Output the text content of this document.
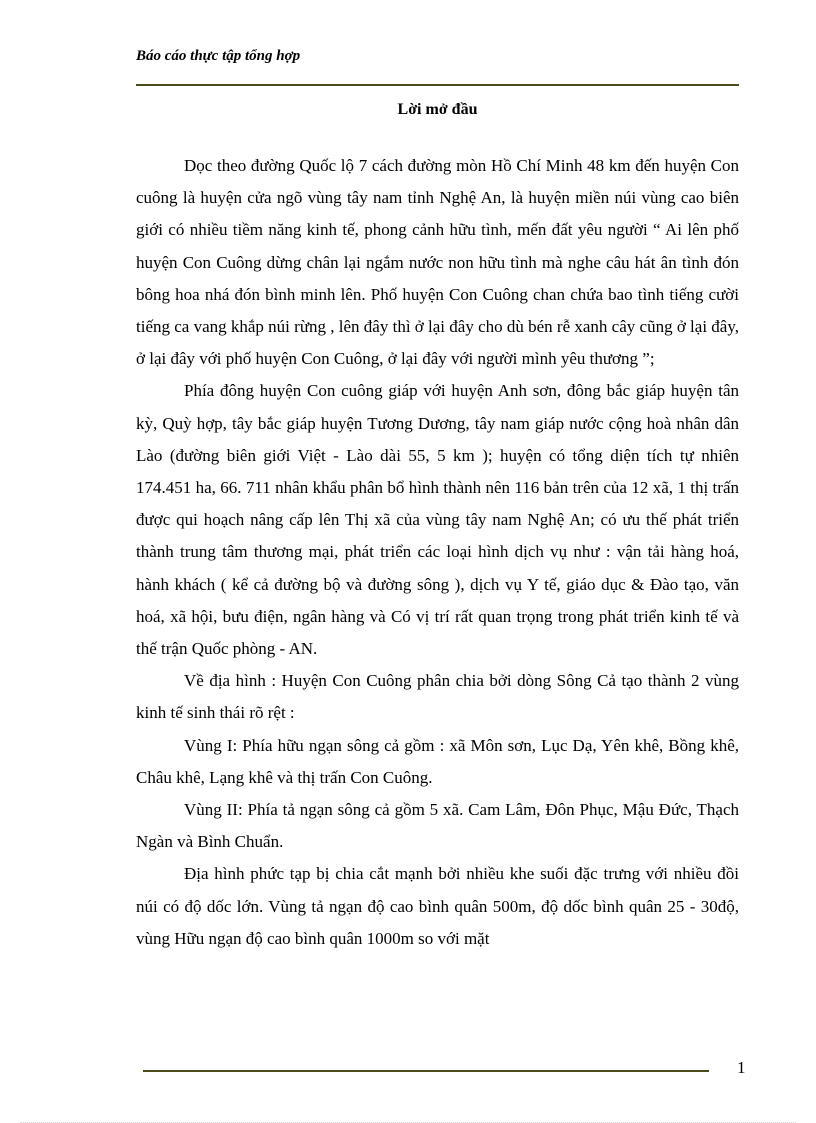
Báo cáo thực tập tổng hợp
Lời mở đầu

Dọc theo đường Quốc lộ 7 cách đường mòn Hồ Chí Minh 48 km đến huyện Con cuông là huyện cửa ngõ vùng tây nam tỉnh Nghệ An, là huyện miền núi vùng cao biên giới có nhiều tiềm năng kinh tế, phong cảnh hữu tình, mến đất yêu người “ Ai lên phố huyện Con Cuông dừng chân lại ngắm nước non hữu tình mà nghe câu hát ân tình đón bông hoa nhá đón bình minh lên. Phố huyện Con Cuông chan chứa bao tình tiếng cười tiếng ca vang khắp núi rừng , lên đây thì ở lại đây cho dù bén rễ xanh cây cũng ở lại đây, ở lại đây với phố huyện Con Cuông, ở lại đây với người mình yêu thương ”;

Phía đông huyện Con cuông giáp với huyện Anh sơn, đông bắc giáp huyện tân kỳ, Quỳ hợp, tây bắc giáp huyện Tương Dương, tây nam giáp nước cộng hoà nhân dân Lào (đường biên giới Việt - Lào dài 55, 5 km ); huyện có tổng diện tích tự nhiên 174.451 ha, 66. 711 nhân khẩu phân bổ hình thành nên 116 bản trên của 12 xã, 1 thị trấn được qui hoạch nâng cấp lên Thị xã của vùng tây nam Nghệ An; có ưu thế phát triển thành trung tâm thương mại, phát triển các loại hình dịch vụ như : vận tải hàng hoá, hành khách ( kể cả đường bộ và đường sông ), dịch vụ Y tế, giáo dục & Đào tạo, văn hoá, xã hội, bưu điện, ngân hàng và Có vị trí rất quan trọng trong phát triển kinh tế và thế trận Quốc phòng - AN.

Về địa hình : Huyện Con Cuông phân chia bởi dòng Sông Cả tạo thành 2 vùng kinh tế sinh thái rõ rệt :

Vùng I: Phía hữu ngạn sông cả gồm : xã Môn sơn, Lục Dạ, Yên khê, Bồng khê, Châu khê, Lạng khê và thị trấn Con Cuông.

Vùng II: Phía tả ngạn sông cả gồm 5 xã. Cam Lâm, Đôn Phục, Mậu Đức, Thạch Ngàn và Bình Chuẩn.

Địa hình phức tạp bị chia cắt mạnh bởi nhiều khe suối đặc trưng với nhiều đồi núi có độ dốc lớn. Vùng tả ngạn độ cao bình quân 500m, độ dốc bình quân 25 - 30độ, vùng Hữu ngạn độ cao bình quân 1000m so với mặt

1
